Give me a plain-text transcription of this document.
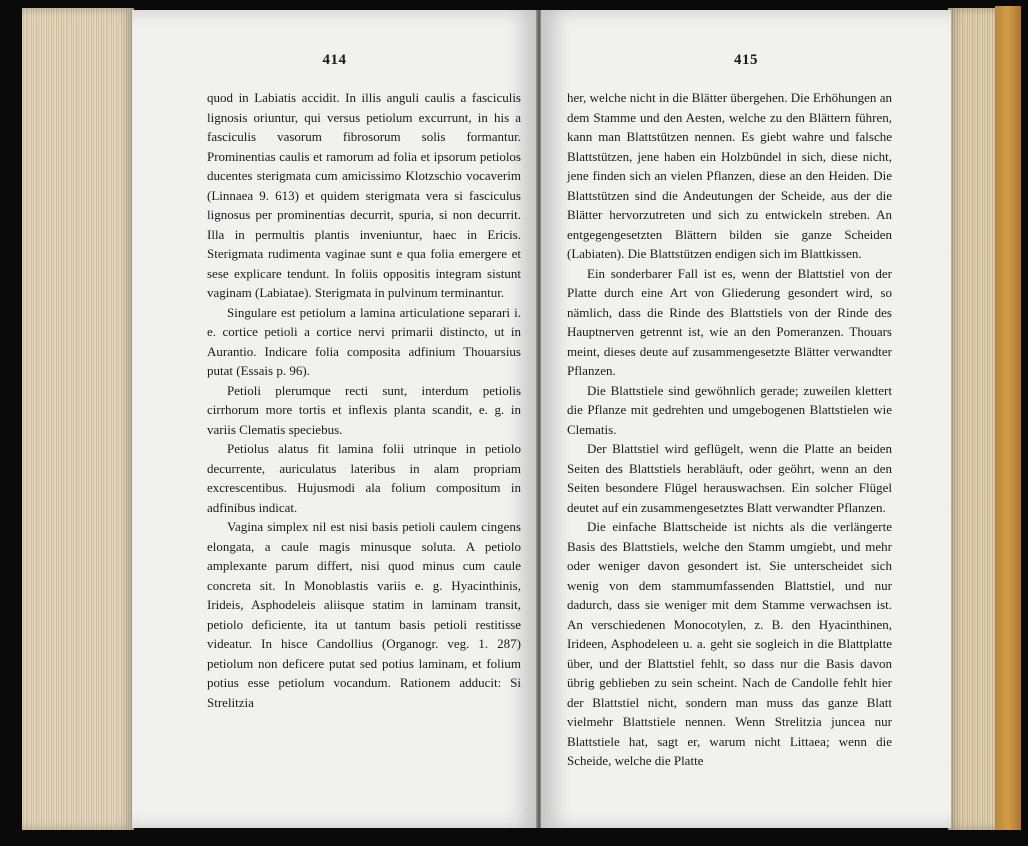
414

quod in Labiatis accidit. In illis anguli caulis a fasciculis lignosis oriuntur, qui versus petiolum excurrunt, in his a fasciculis vasorum fibrosorum solis formantur. Prominentias caulis et ramorum ad folia et ipsorum petiolos ducentes sterigmata cum amicissimo Klotzschio vocaverim (Linnaea 9. 613) et quidem sterigmata vera si fasciculus lignosus per prominentias decurrit, spuria, si non decurrit. Illa in permultis plantis inveniuntur, haec in Ericis. Sterigmata rudimenta vaginae sunt e qua folia emergere et sese explicare tendunt. In foliis oppositis integram sistunt vaginam (Labiatae). Sterigmata in pulvinum terminantur.

Singulare est petiolum a lamina articulatione separari i. e. cortice petioli a cortice nervi primarii distincto, ut in Aurantio. Indicare folia composita adfinium Thouarsius putat (Essais p. 96).

Petioli plerumque recti sunt, interdum petiolis cirrhorum more tortis et inflexis planta scandit, e. g. in variis Clematis speciebus.

Petiolus alatus fit lamina folii utrinque in petiolo decurrente, auriculatus lateribus in alam propriam excrescentibus. Hujusmodi ala folium compositum in adfinibus indicat.

Vagina simplex nil est nisi basis petioli caulem cingens elongata, a caule magis minusque soluta. A petiolo amplexante parum differt, nisi quod minus cum caule concreta sit. In Monoblastis variis e. g. Hyacinthinis, Irideis, Asphodeleis aliisque statim in laminam transit, petiolo deficiente, ita ut tantum basis petioli restitisse videatur. In hisce Candollius (Organogr. veg. 1. 287) petiolum non deficere putat sed potius laminam, et folium potius esse petiolum vocandum. Rationem adducit: Si Strelitzia

415

her, welche nicht in die Blätter übergehen. Die Erhöhungen an dem Stamme und den Aesten, welche zu den Blättern führen, kann man Blattstützen nennen. Es giebt wahre und falsche Blattstützen, jene haben ein Holzbündel in sich, diese nicht, jene finden sich an vielen Pflanzen, diese an den Heiden. Die Blattstützen sind die Andeutungen der Scheide, aus der die Blätter hervorzutreten und sich zu entwickeln streben. An entgegengesetzten Blättern bilden sie ganze Scheiden (Labiaten). Die Blattstützen endigen sich im Blattkissen.

Ein sonderbarer Fall ist es, wenn der Blattstiel von der Platte durch eine Art von Gliederung gesondert wird, so nämlich, dass die Rinde des Blattstiels von der Rinde des Hauptnerven getrennt ist, wie an den Pomeranzen. Thouars meint, dieses deute auf zusammengesetzte Blätter verwandter Pflanzen.

Die Blattstiele sind gewöhnlich gerade; zuweilen klettert die Pflanze mit gedrehten und umgebogenen Blattstielen wie Clematis.

Der Blattstiel wird geflügelt, wenn die Platte an beiden Seiten des Blattstiels herabläuft, oder geöhrt, wenn an den Seiten besondere Flügel herauswachsen. Ein solcher Flügel deutet auf ein zusammengesetztes Blatt verwandter Pflanzen.

Die einfache Blattscheide ist nichts als die verlängerte Basis des Blattstiels, welche den Stamm umgiebt, und mehr oder weniger davon gesondert ist. Sie unterscheidet sich wenig von dem stammumfassenden Blattstiel, und nur dadurch, dass sie weniger mit dem Stamme verwachsen ist. An verschiedenen Monocotylen, z. B. den Hyacinthinen, Irideen, Asphodeleen u. a. geht sie sogleich in die Blattplatte über, und der Blattstiel fehlt, so dass nur die Basis davon übrig geblieben zu sein scheint. Nach de Candolle fehlt hier der Blattstiel nicht, sondern man muss das ganze Blatt vielmehr Blattstiele nennen. Wenn Strelitzia juncea nur Blattstiele hat, sagt er, warum nicht Littaea; wenn die Scheide, welche die Platte
